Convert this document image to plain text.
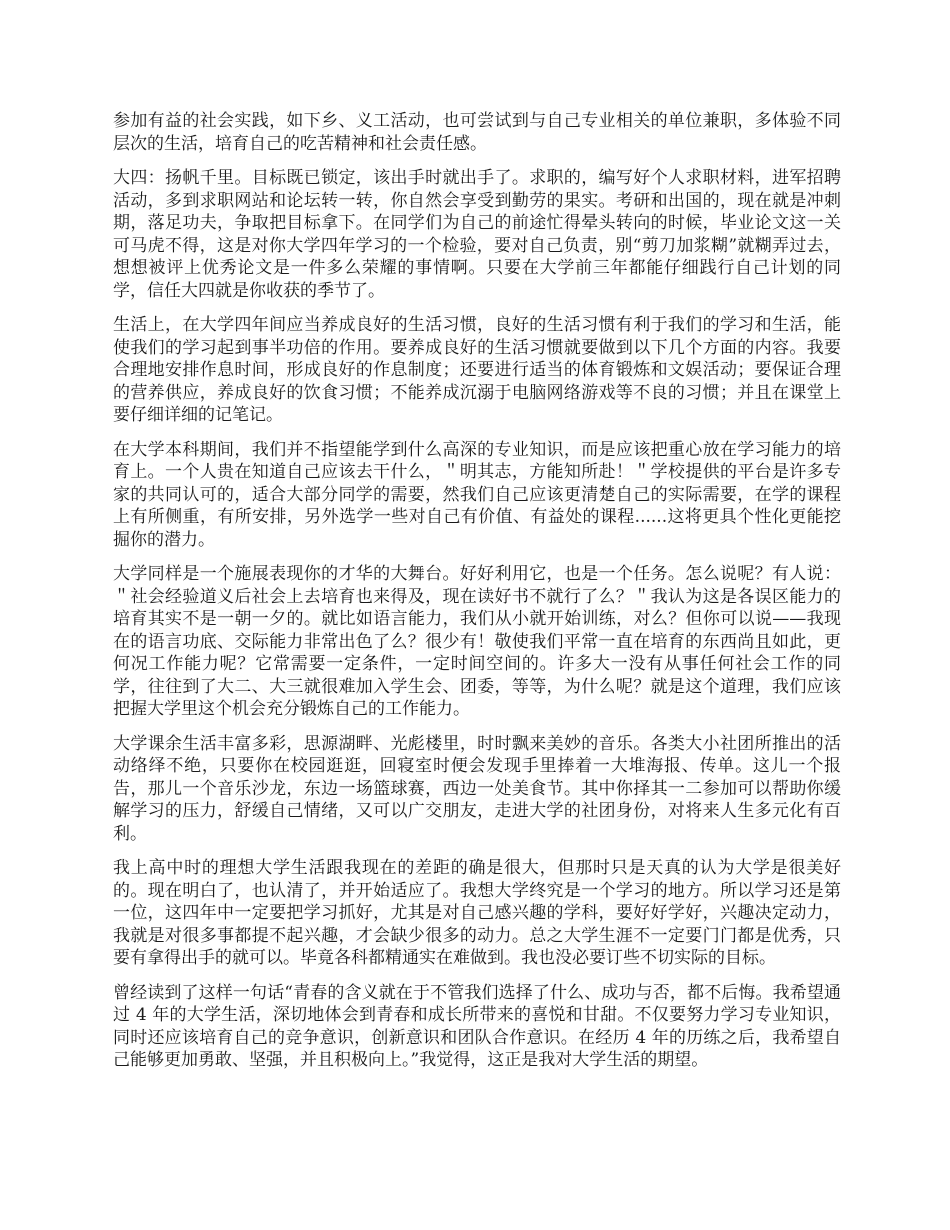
参加有益的社会实践，如下乡、义工活动，也可尝试到与自己专业相关的单位兼职，多体验不同层次的生活，培育自己的吃苦精神和社会责任感。

大四：扬帆千里。目标既已锁定，该出手时就出手了。求职的，编写好个人求职材料，进军招聘活动，多到求职网站和论坛转一转，你自然会享受到勤劳的果实。考研和出国的，现在就是冲刺期，落足功夫，争取把目标拿下。在同学们为自己的前途忙得晕头转向的时候，毕业论文这一关可马虎不得，这是对你大学四年学习的一个检验，要对自己负责，别“剪刀加浆糊”就糊弄过去，想想被评上优秀论文是一件多么荣耀的事情啊。只要在大学前三年都能仔细践行自己计划的同学，信任大四就是你收获的季节了。

生活上，在大学四年间应当养成良好的生活习惯，良好的生活习惯有利于我们的学习和生活，能使我们的学习起到事半功倍的作用。要养成良好的生活习惯就要做到以下几个方面的内容。我要合理地安排作息时间，形成良好的作息制度；还要进行适当的体育锻炼和文娱活动；要保证合理的营养供应，养成良好的饮食习惯；不能养成沉溺于电脑网络游戏等不良的习惯；并且在课堂上要仔细详细的记笔记。

在大学本科期间，我们并不指望能学到什么高深的专业知识，而是应该把重心放在学习能力的培育上。一个人贵在知道自己应该去干什么，＂明其志，方能知所赴！＂学校提供的平台是许多专家的共同认可的，适合大部分同学的需要，然我们自己应该更清楚自己的实际需要，在学的课程上有所侧重，有所安排，另外选学一些对自己有价值、有益处的课程......这将更具个性化更能挖掘你的潜力。

大学同样是一个施展表现你的才华的大舞台。好好利用它，也是一个任务。怎么说呢？有人说：＂社会经验道义后社会上去培育也来得及，现在读好书不就行了么？＂我认为这是各误区能力的培育其实不是一朝一夕的。就比如语言能力，我们从小就开始训练，对么？但你可以说——我现在的语言功底、交际能力非常出色了么？很少有！敬使我们平常一直在培育的东西尚且如此，更何况工作能力呢？它常需要一定条件，一定时间空间的。许多大一没有从事任何社会工作的同学，往往到了大二、大三就很难加入学生会、团委，等等，为什么呢？就是这个道理，我们应该把握大学里这个机会充分锻炼自己的工作能力。

大学课余生活丰富多彩，思源湖畔、光彪楼里，时时飘来美妙的音乐。各类大小社团所推出的活动络绎不绝，只要你在校园逛逛，回寝室时便会发现手里捧着一大堆海报、传单。这儿一个报告，那儿一个音乐沙龙，东边一场篮球赛，西边一处美食节。其中你择其一二参加可以帮助你缓解学习的压力，舒缓自己情绪，又可以广交朋友，走进大学的社团身份，对将来人生多元化有百利。

我上高中时的理想大学生活跟我现在的差距的确是很大，但那时只是天真的认为大学是很美好的。现在明白了，也认清了，并开始适应了。我想大学终究是一个学习的地方。所以学习还是第一位，这四年中一定要把学习抓好，尤其是对自己感兴趣的学科，要好好学好，兴趣决定动力，我就是对很多事都提不起兴趣，才会缺少很多的动力。总之大学生涯不一定要门门都是优秀，只要有拿得出手的就可以。毕竟各科都精通实在难做到。我也没必要订些不切实际的目标。

曾经读到了这样一句话“青春的含义就在于不管我们选择了什么、成功与否，都不后悔。我希望通过 4 年的大学生活，深切地体会到青春和成长所带来的喜悦和甘甜。不仅要努力学习专业知识，同时还应该培育自己的竞争意识，创新意识和团队合作意识。在经历 4 年的历练之后，我希望自己能够更加勇敢、坚强，并且积极向上。”我觉得，这正是我对大学生活的期望。
